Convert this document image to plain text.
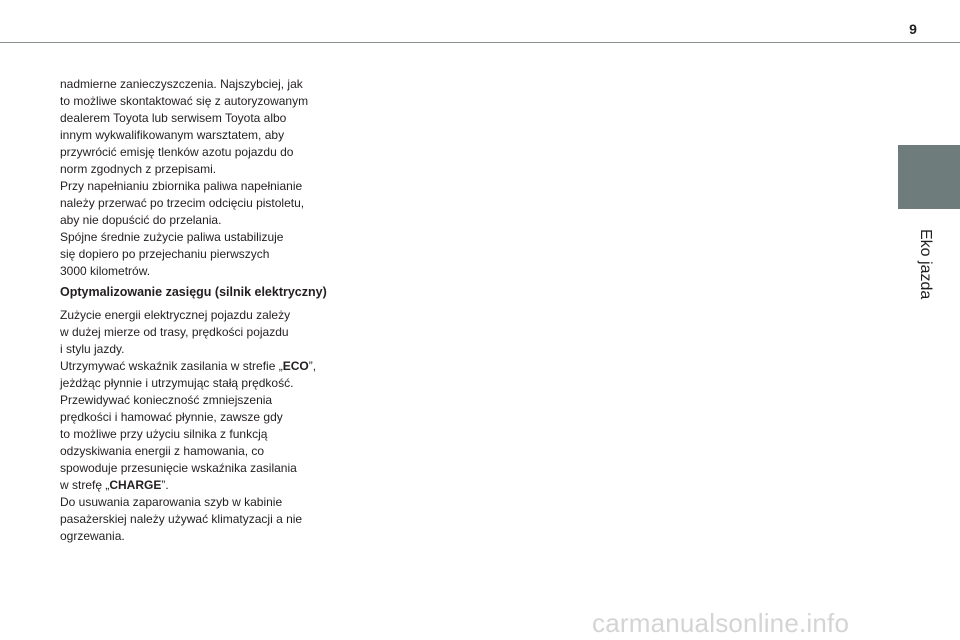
9
Eko jazda

nadmierne zanieczyszczenia. Najszybciej, jak

to możliwe skontaktować się z autoryzowanym

dealerem Toyota lub serwisem Toyota albo

innym wykwalifikowanym warsztatem, aby

przywrócić emisję tlenków azotu pojazdu do

norm zgodnych z przepisami.

Przy napełnianiu zbiornika paliwa napełnianie

należy przerwać po trzecim odcięciu pistoletu,

aby nie dopuścić do przelania.

Spójne średnie zużycie paliwa ustabilizuje

się dopiero po przejechaniu pierwszych

3000 kilometrów.

Optymalizowanie zasięgu (silnik elektryczny)

Zużycie energii elektrycznej pojazdu zależy

w dużej mierze od trasy, prędkości pojazdu

i stylu jazdy.

Utrzymywać wskaźnik zasilania w strefie „ECO”,

jeżdżąc płynnie i utrzymując stałą prędkość.

Przewidywać konieczność zmniejszenia

prędkości i hamować płynnie, zawsze gdy

to możliwe przy użyciu silnika z funkcją

odzyskiwania energii z hamowania, co

spowoduje przesunięcie wskaźnika zasilania

w strefę „CHARGE”.

Do usuwania zaparowania szyb w kabinie

pasażerskiej należy używać klimatyzacji a nie

ogrzewania.

carmanualsonline.info
